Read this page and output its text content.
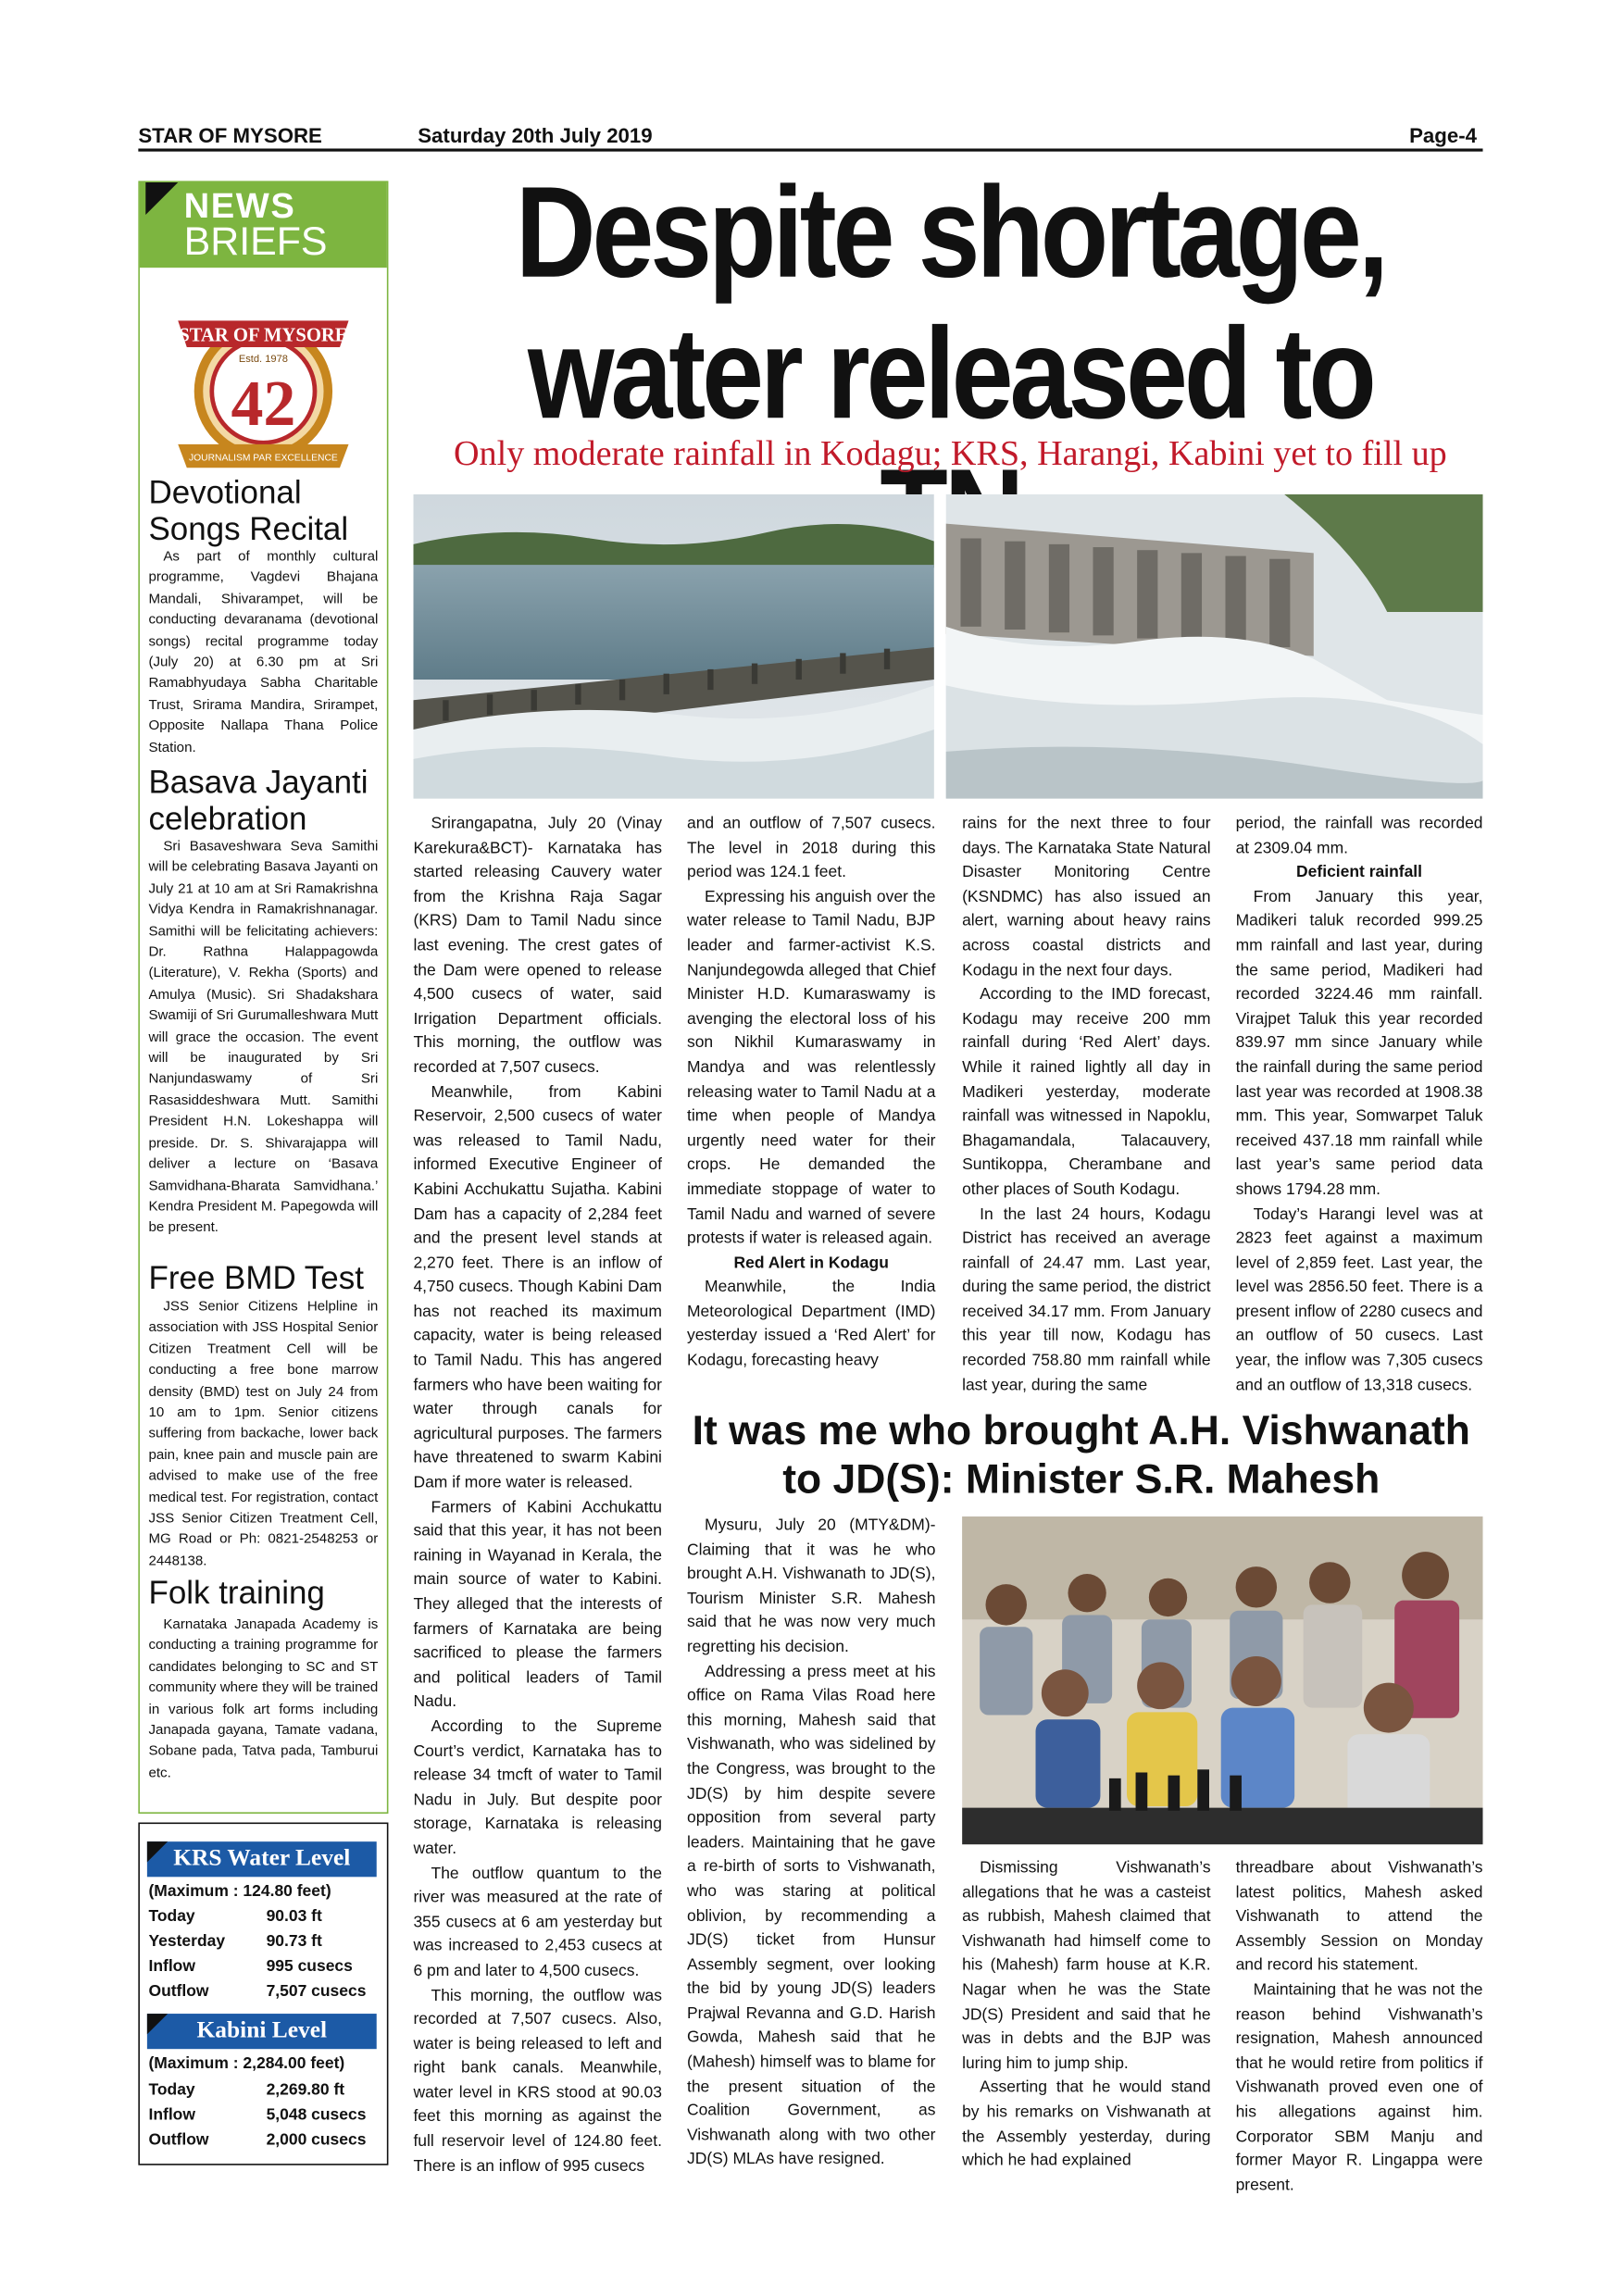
STAR OF MYSORE	Saturday 20th July 2019	Page-4
NEWS
BRIEFS
STAR OF MYSORE
Estd. 1978
42
JOURNALISM PAR EXCELLENCE
Devotional Songs Recital
As part of monthly cultural programme, Vagdevi Bhajana Mandali, Shivarampet, will be conducting devaranama (devotional songs) recital programme today (July 20) at 6.30 pm at Sri Ramabhyudaya Sabha Charitable Trust, Srirama Mandira, Srirampet, Opposite Nallapa Thana Police Station.
Basava Jayanti celebration
Sri Basaveshwara Seva Samithi will be celebrating Basava Jayanti on July 21 at 10 am at Sri Ramakrishna Vidya Kendra in Ramakrishnanagar. Samithi will be felicitating achievers: Dr. Rathna Halappagowda (Literature), V. Rekha (Sports) and Amulya (Music). Sri Shadakshara Swamiji of Sri Gurumalleshwara Mutt will grace the occasion. The event will be inaugurated by Sri Nanjundaswamy of Sri Rasasiddeshwara Mutt. Samithi President H.N. Lokeshappa will preside. Dr. S. Shivarajappa will deliver a lecture on ‘Basava Samvidhana-Bharata Samvidhana.’ Kendra President M. Papegowda will be present.
Free BMD Test
JSS Senior Citizens Helpline in association with JSS Hospital Senior Citizen Treatment Cell will be conducting a free bone marrow density (BMD) test on July 24 from 10 am to 1pm. Senior citizens suffering from backache, lower back pain, knee pain and muscle pain are advised to make use of the free medical test. For registration, contact JSS Senior Citizen Treatment Cell, MG Road or Ph: 0821-2548253 or 2448138.
Folk training
Karnataka Janapada Academy is conducting a training programme for candidates belonging to SC and ST community where they will be trained in various folk art forms including Janapada gayana, Tamate vadana, Sobane pada, Tatva pada, Tamburui etc.
KRS Water Level
(Maximum : 124.80 feet)
Today	90.03 ft
Yesterday	90.73 ft
Inflow	995 cusecs
Outflow	7,507 cusecs
Kabini Level
(Maximum : 2,284.00 feet)
Today	2,269.80 ft
Inflow	5,048 cusecs
Outflow	2,000 cusecs
Despite shortage,
water released to
Only moderate rainfall in Kodagu; KRS, Harangi, Kabini yet to fill up

Srirangapatna, July 20 (Vinay Karekura&BCT)- Karnataka has started releasing Cauvery water from the Krishna Raja Sagar (KRS) Dam to Tamil Nadu since last evening. The crest gates of the Dam were opened to release 4,500 cusecs of water, said Irrigation Department officials. This morning, the outflow was recorded at 7,507 cusecs.

Meanwhile, from Kabini Reservoir, 2,500 cusecs of water was released to Tamil Nadu, informed Executive Engineer of Kabini Acchukattu Sujatha. Kabini Dam has a capacity of 2,284 feet and the present level stands at 2,270 feet. There is an inflow of 4,750 cusecs. Though Kabini Dam has not reached its maximum capacity, water is being released to Tamil Nadu. This has angered farmers who have been waiting for water through canals for agricultural purposes. The farmers have threatened to swarm Kabini Dam if more water is released.

Farmers of Kabini Acchukattu said that this year, it has not been raining in Wayanad in Kerala, the main source of water to Kabini. They alleged that the interests of farmers of Karnataka are being sacrificed to please the farmers and political leaders of Tamil Nadu.

According to the Supreme Court’s verdict, Karnataka has to release 34 tmcft of water to Tamil Nadu in July. But despite poor storage, Karnataka is releasing water.

The outflow quantum to the river was measured at the rate of 355 cusecs at 6 am yesterday but was increased to 2,453 cusecs at 6 pm and later to 4,500 cusecs.

This morning, the outflow was recorded at 7,507 cusecs. Also, water is being released to left and right bank canals. Meanwhile, water level in KRS stood at 90.03 feet this morning as against the full reservoir level of 124.80 feet. There is an inflow of 995 cusecs

and an outflow of 7,507 cusecs. The level in 2018 during this period was 124.1 feet.

Expressing his anguish over the water release to Tamil Nadu, BJP leader and farmer-activist K.S. Nanjundegowda alleged that Chief Minister H.D. Kumaraswamy is avenging the electoral loss of his son Nikhil Kumaraswamy in Mandya and was relentlessly releasing water to Tamil Nadu at a time when people of Mandya urgently need water for their crops. He demanded the immediate stoppage of water to Tamil Nadu and warned of severe protests if water is released again.

Red Alert in Kodagu

Meanwhile, the India Meteorological Department (IMD) yesterday issued a ‘Red Alert’ for Kodagu, forecasting heavy

rains for the next three to four days. The Karnataka State Natural Disaster Monitoring Centre (KSNDMC) has also issued an alert, warning about heavy rains across coastal districts and Kodagu in the next four days.

According to the IMD forecast, Kodagu may receive 200 mm rainfall during ‘Red Alert’ days. While it rained lightly all day in Madikeri yesterday, moderate rainfall was witnessed in Napoklu, Bhagamandala, Talacauvery, Suntikoppa, Cherambane and other places of South Kodagu.

In the last 24 hours, Kodagu District has received an average rainfall of 24.47 mm. Last year, during the same period, the district received 34.17 mm. From January this year till now, Kodagu has recorded 758.80 mm rainfall while last year, during the same

period, the rainfall was recorded at 2309.04 mm.

Deficient rainfall

From January this year, Madikeri taluk recorded 999.25 mm rainfall and last year, during the same period, Madikeri had recorded 3224.46 mm rainfall. Virajpet Taluk this year recorded 839.97 mm since January while the rainfall during the same period last year was recorded at 1908.38 mm. This year, Somwarpet Taluk received 437.18 mm rainfall while last year’s same period data shows 1794.28 mm.

Today’s Harangi level was at 2823 feet against a maximum level of 2,859 feet. Last year, the level was 2856.50 feet. There is a present inflow of 2280 cusecs and an outflow of 50 cusecs. Last year, the inflow was 7,305 cusecs and an outflow of 13,318 cusecs.

It was me who brought A.H. Vishwanath to JD(S): Minister S.R. Mahesh

Mysuru, July 20 (MTY&DM)- Claiming that it was he who brought A.H. Vishwanath to JD(S), Tourism Minister S.R. Mahesh said that he was now very much regretting his decision.

Addressing a press meet at his office on Rama Vilas Road here this morning, Mahesh said that Vishwanath, who was sidelined by the Congress, was brought to the JD(S) by him despite severe opposition from several party leaders. Maintaining that he gave a re-birth of sorts to Vishwanath, who was staring at political oblivion, by recommending a JD(S) ticket from Hunsur Assembly segment, over looking the bid by young JD(S) leaders Prajwal Revanna and G.D. Harish Gowda, Mahesh said that he (Mahesh) himself was to blame for the present situation of the Coalition Government, as Vishwanath along with two other JD(S) MLAs have resigned.

Dismissing Vishwanath’s allegations that he was a casteist as rubbish, Mahesh claimed that Vishwanath had himself come to his (Mahesh) farm house at K.R. Nagar when he was the State JD(S) President and said that he was in debts and the BJP was luring him to jump ship.

Asserting that he would stand by his remarks on Vishwanath at the Assembly yesterday, during which he had explained

threadbare about Vishwanath’s latest politics, Mahesh asked Vishwanath to attend the Assembly Session on Monday and record his statement.

Maintaining that he was not the reason behind Vishwanath’s resignation, Mahesh announced that he would retire from politics if Vishwanath proved even one of his allegations against him. Corporator SBM Manju and former Mayor R. Lingappa were present.
